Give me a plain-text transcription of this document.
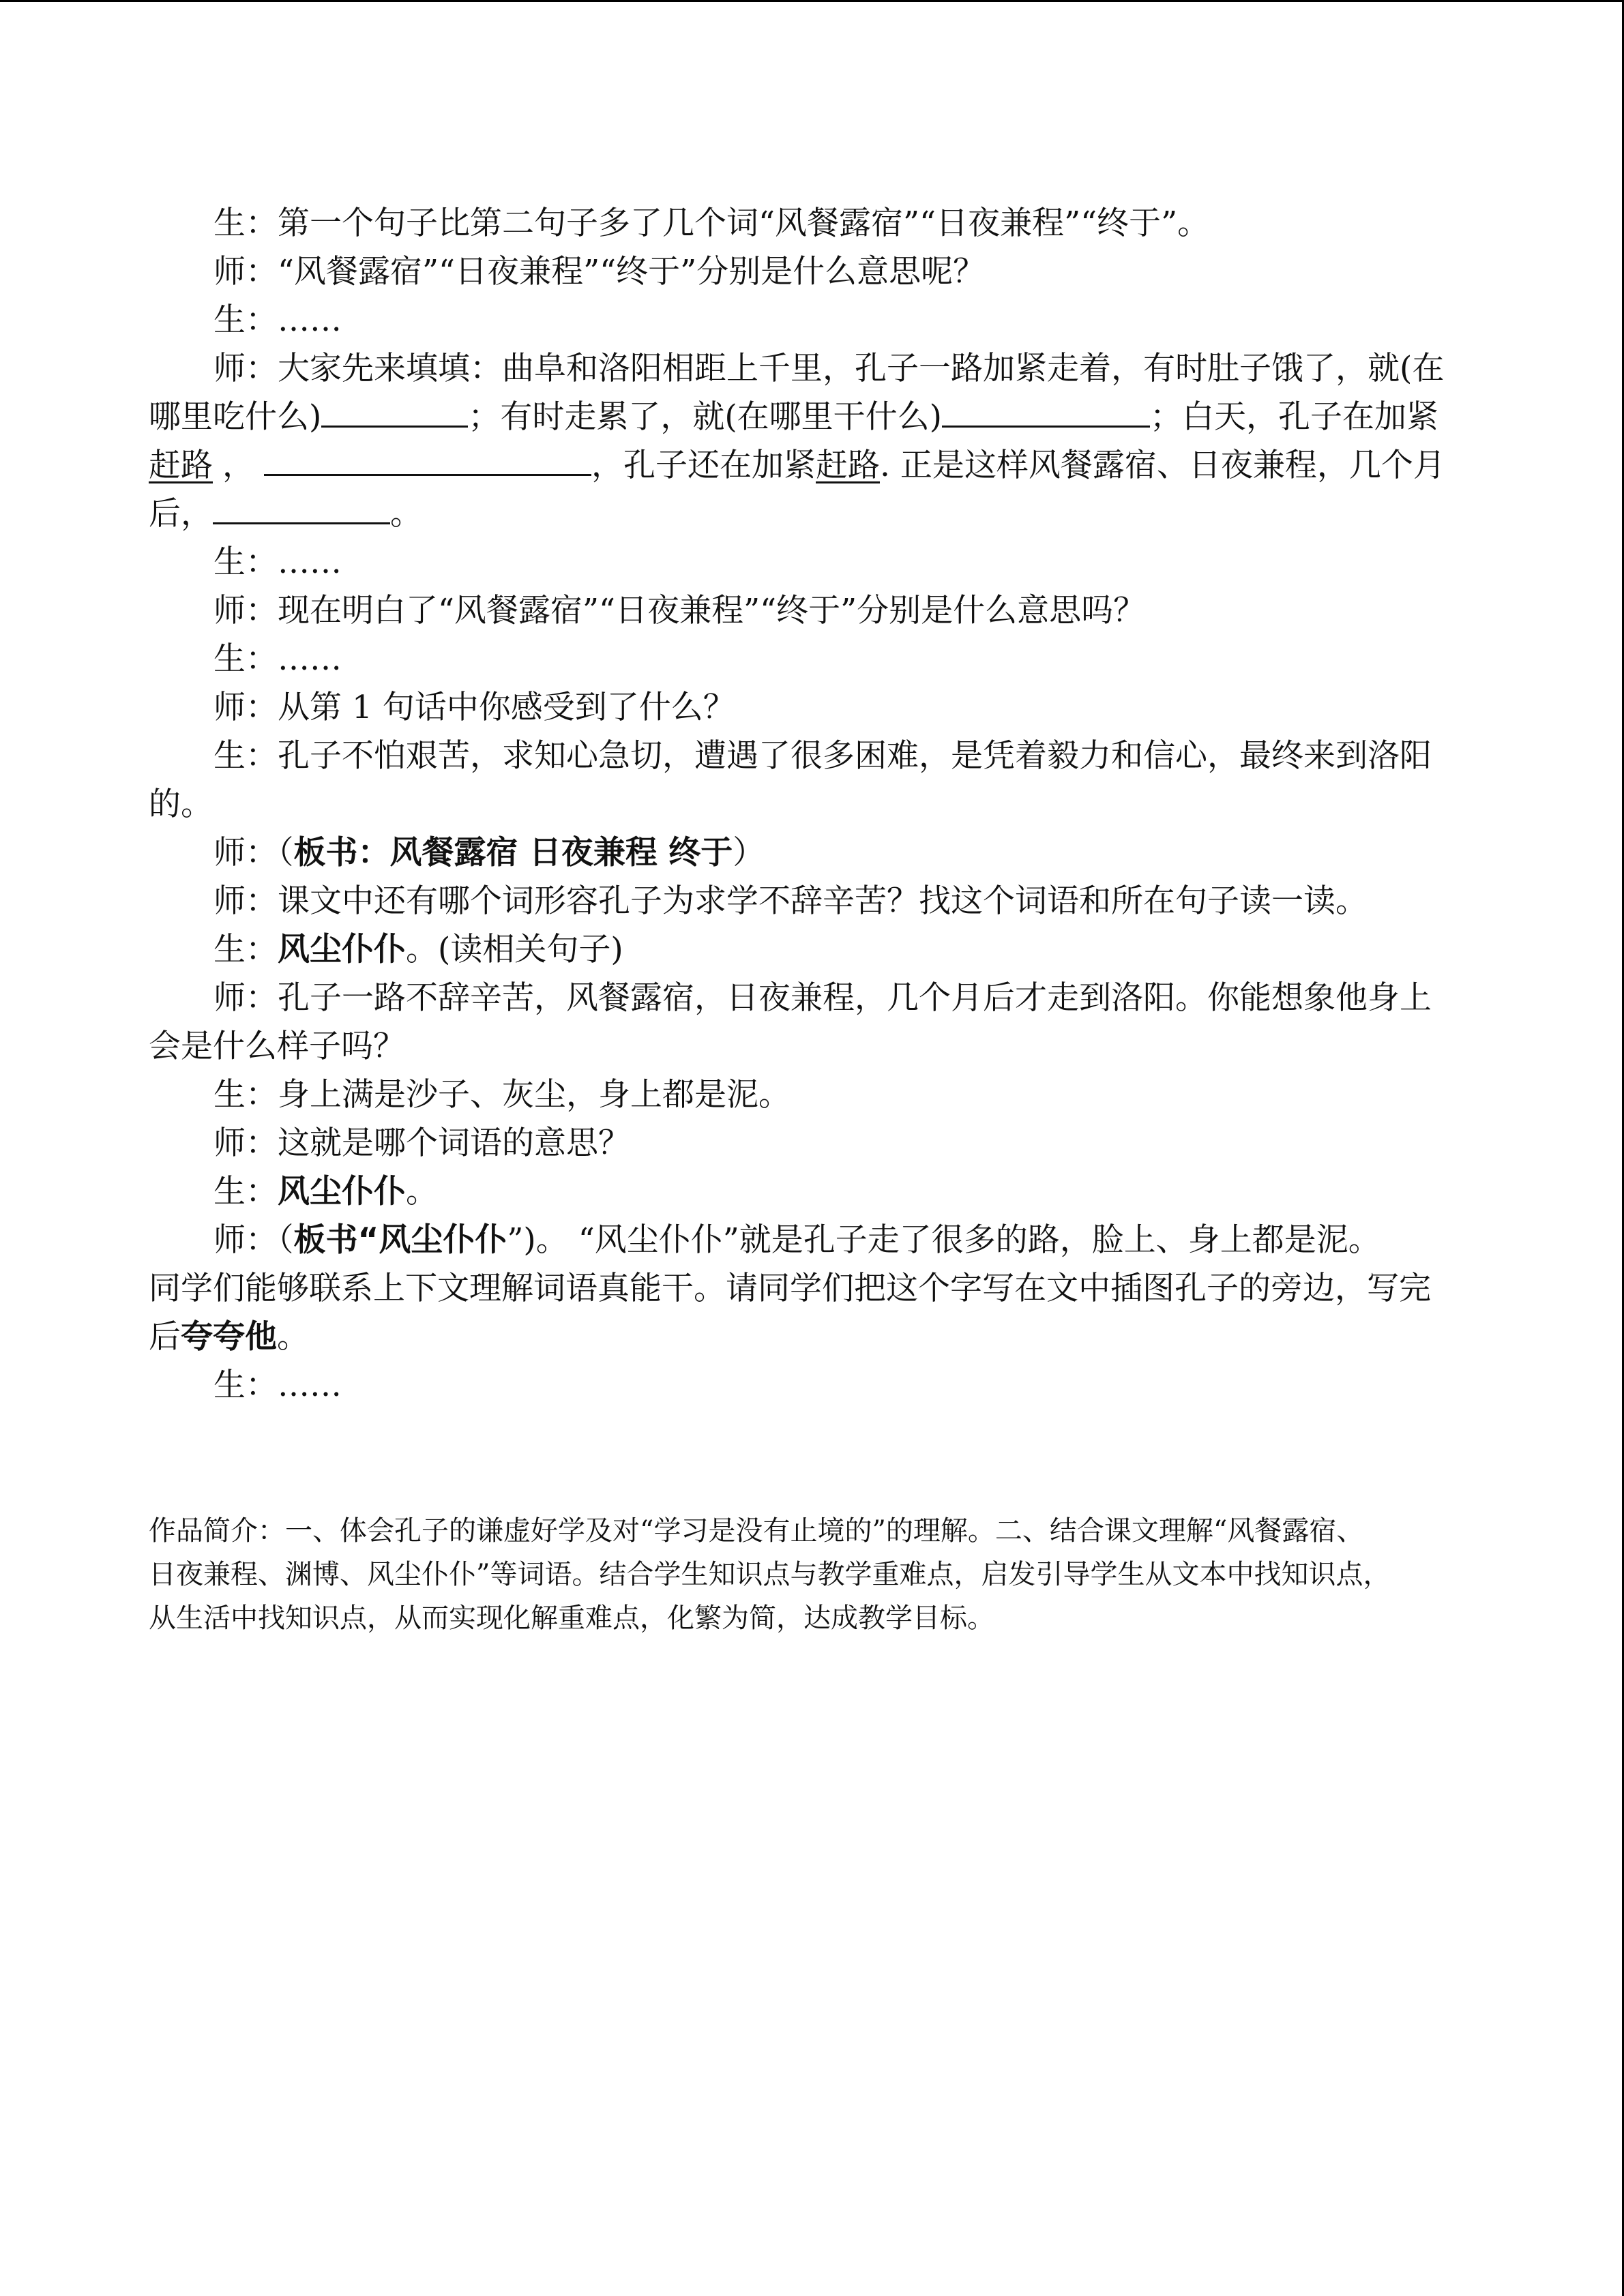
生：第一个句子比第二句子多了几个词“风餐露宿”“日夜兼程”“终于”。
师：“风餐露宿”“日夜兼程”“终于”分别是什么意思呢？
生：……
师：大家先来填填：曲阜和洛阳相距上千里，孔子一路加紧走着，有时肚子饿了，就(在
哪里吃什么)	；有时走累了，就(在哪里干什么)	；白天，孔子在加紧
赶路 ，	，孔子还在加紧赶路. 正是这样风餐露宿、日夜兼程，几个月
后，	。
生：……
师：现在明白了“风餐露宿”“日夜兼程”“终于”分别是什么意思吗？
生：……
师：从第 1 句话中你感受到了什么？
生：孔子不怕艰苦，求知心急切，遭遇了很多困难，是凭着毅力和信心，最终来到洛阳
的。
师：（板书：风餐露宿 日夜兼程 终于）
师：课文中还有哪个词形容孔子为求学不辞辛苦？找这个词语和所在句子读一读。
生：风尘仆仆。(读相关句子)
师：孔子一路不辞辛苦，风餐露宿，日夜兼程，几个月后才走到洛阳。你能想象他身上
会是什么样子吗？
生：身上满是沙子、灰尘，身上都是泥。
师：这就是哪个词语的意思？
生：风尘仆仆。
师：（板书“风尘仆仆”)。 “风尘仆仆”就是孔子走了很多的路，脸上、身上都是泥。
同学们能够联系上下文理解词语真能干。请同学们把这个字写在文中插图孔子的旁边，写完
后夸夸他。
生：……
作品简介：一、体会孔子的谦虚好学及对“学习是没有止境的”的理解。二、结合课文理解“风餐露宿、
日夜兼程、渊博、风尘仆仆”等词语。结合学生知识点与教学重难点，启发引导学生从文本中找知识点，
从生活中找知识点，从而实现化解重难点，化繁为简，达成教学目标。
